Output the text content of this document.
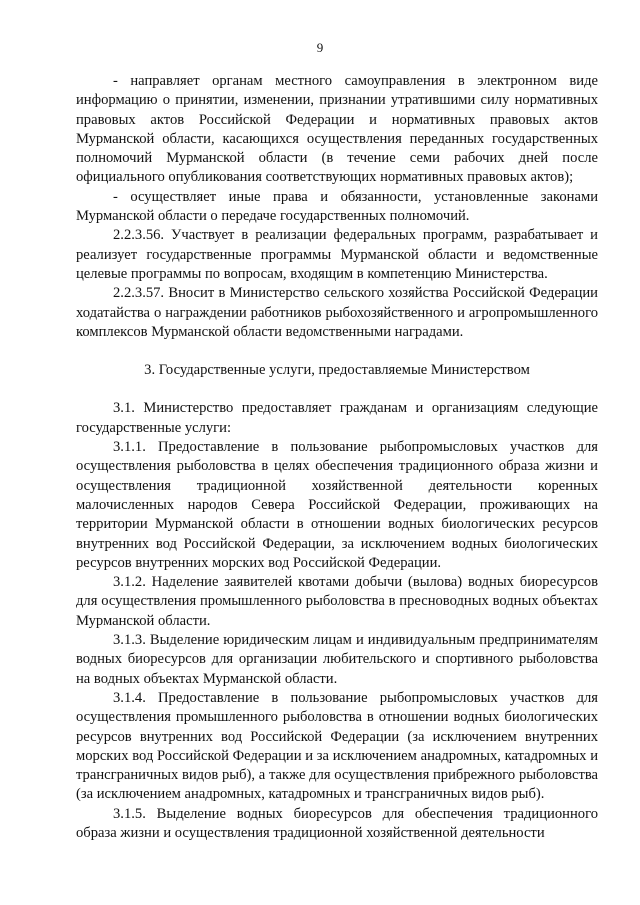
9

- направляет органам местного самоуправления в электронном виде информацию о принятии, изменении, признании утратившими силу нормативных правовых актов Российской Федерации и нормативных правовых актов Мурманской области, касающихся осуществления переданных государственных полномочий Мурманской области (в течение семи рабочих дней после официального опубликования соответствующих нормативных правовых актов);

- осуществляет иные права и обязанности, установленные законами Мурманской области о передаче государственных полномочий.

2.2.3.56. Участвует в реализации федеральных программ, разрабатывает и реализует государственные программы Мурманской области и ведомственные целевые программы по вопросам, входящим в компетенцию Министерства.

2.2.3.57. Вносит в Министерство сельского хозяйства Российской Федерации ходатайства о награждении работников рыбохозяйственного и агропромышленного комплексов Мурманской области ведомственными наградами.

3. Государственные услуги, предоставляемые Министерством

3.1. Министерство предоставляет гражданам и организациям следующие государственные услуги:

3.1.1. Предоставление в пользование рыбопромысловых участков для осуществления рыболовства в целях обеспечения традиционного образа жизни и осуществления традиционной хозяйственной деятельности коренных малочисленных народов Севера Российской Федерации, проживающих на территории Мурманской области в отношении водных биологических ресурсов внутренних вод Российской Федерации, за исключением водных биологических ресурсов внутренних морских вод Российской Федерации.

3.1.2. Наделение заявителей квотами добычи (вылова) водных биоресурсов для осуществления промышленного рыболовства в пресноводных водных объектах Мурманской области.

3.1.3. Выделение юридическим лицам и индивидуальным предпринимателям водных биоресурсов для организации любительского и спортивного рыболовства на водных объектах Мурманской области.

3.1.4. Предоставление в пользование рыбопромысловых участков для осуществления промышленного рыболовства в отношении водных биологических ресурсов внутренних вод Российской Федерации (за исключением внутренних морских вод Российской Федерации и за исключением анадромных, катадромных и трансграничных видов рыб), а также для осуществления прибрежного рыболовства (за исключением анадромных, катадромных и трансграничных видов рыб).

3.1.5. Выделение водных биоресурсов для обеспечения традиционного образа жизни и осуществления традиционной хозяйственной деятельности
